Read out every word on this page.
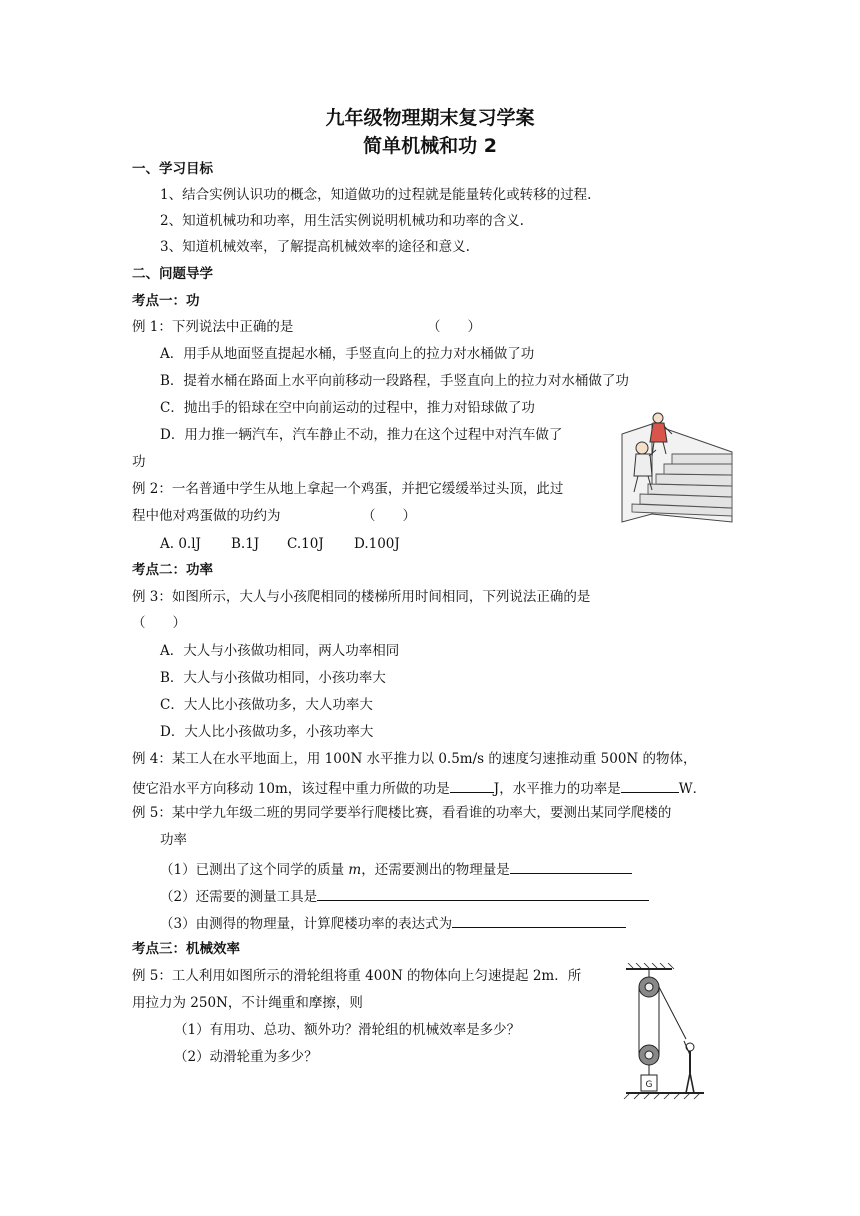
九年级物理期末复习学案
简单机械和功 2
一、学习目标
1、结合实例认识功的概念，知道做功的过程就是能量转化或转移的过程.
2、知道机械功和功率，用生活实例说明机械功和功率的含义.
3、知道机械效率，了解提高机械效率的途径和意义.
二、问题导学
考点一：功
例 1：下列说法中正确的是	（　　）
A．用手从地面竖直提起水桶，手竖直向上的拉力对水桶做了功
B．提着水桶在路面上水平向前移动一段路程，手竖直向上的拉力对水桶做了功
C．抛出手的铅球在空中向前运动的过程中，推力对铅球做了功
D．用力推一辆汽车，汽车静止不动，推力在这个过程中对汽车做了
功
例 2：一名普通中学生从地上拿起一个鸡蛋，并把它缓缓举过头顶，此过
程中他对鸡蛋做的功约为	（　　）
A. 0.lJ B.1J C.10J D.100J
考点二：功率
例 3：如图所示，大人与小孩爬相同的楼梯所用时间相同，下列说法正确的是
（　　）
A．大人与小孩做功相同，两人功率相同
B．大人与小孩做功相同，小孩功率大
C．大人比小孩做功多，大人功率大
D．大人比小孩做功多，小孩功率大
例 4：某工人在水平地面上，用 100N 水平推力以 0.5m/s 的速度匀速推动重 500N 的物体，
使它沿水平方向移动 10m，该过程中重力所做的功是	J，水平推力的功率是	W．
例 5：某中学九年级二班的男同学要举行爬楼比赛，看看谁的功率大，要测出某同学爬楼的
功率
（1）已测出了这个同学的质量 m，还需要测出的物理量是
（2）还需要的测量工具是
（3）由测得的物理量，计算爬楼功率的表达式为
考点三：机械效率
例 5：工人利用如图所示的滑轮组将重 400N 的物体向上匀速提起 2m．所
用拉力为 250N，不计绳重和摩擦，则
（1）有用功、总功、额外功？滑轮组的机械效率是多少？
（2）动滑轮重为多少？
G
